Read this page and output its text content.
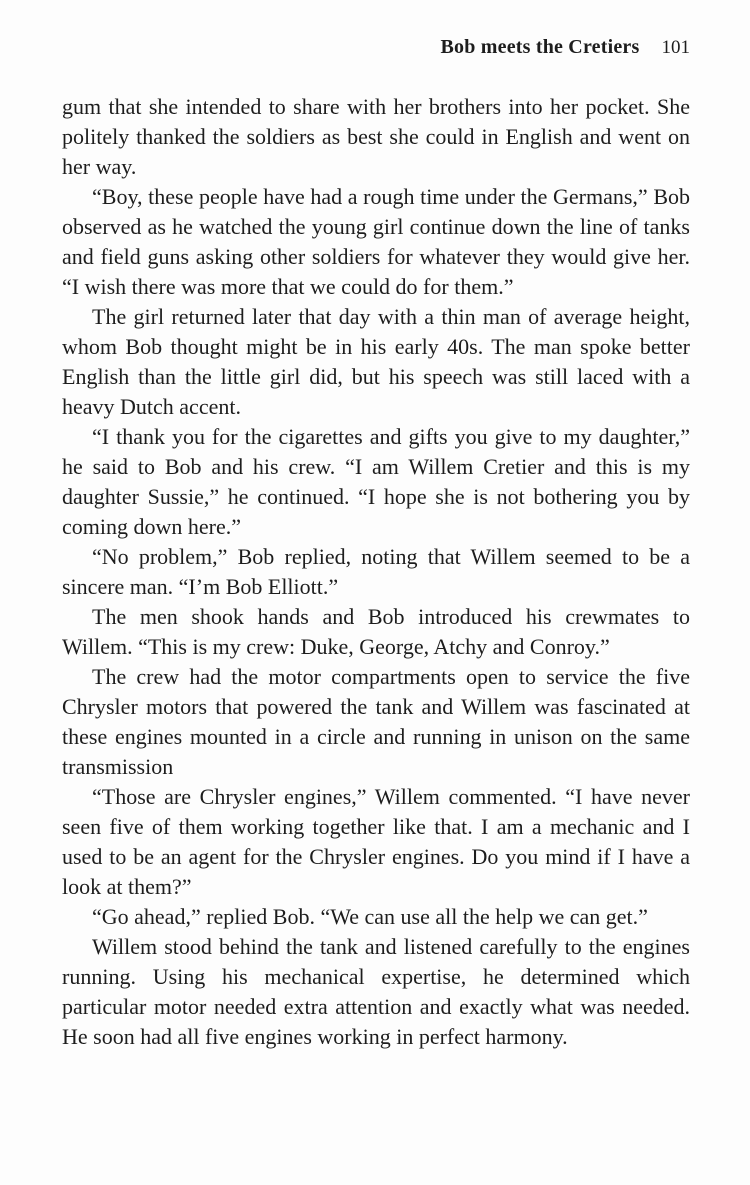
Bob meets the Cretiers 101

gum that she intended to share with her brothers into her pocket. She politely thanked the soldiers as best she could in English and went on her way.

“Boy, these people have had a rough time under the Germans,” Bob observed as he watched the young girl continue down the line of tanks and field guns asking other soldiers for whatever they would give her. “I wish there was more that we could do for them.”

The girl returned later that day with a thin man of average height, whom Bob thought might be in his early 40s. The man spoke better English than the little girl did, but his speech was still laced with a heavy Dutch accent.

“I thank you for the cigarettes and gifts you give to my daughter,” he said to Bob and his crew. “I am Willem Cretier and this is my daughter Sussie,” he continued. “I hope she is not bothering you by coming down here.”

“No problem,” Bob replied, noting that Willem seemed to be a sincere man. “I’m Bob Elliott.”

The men shook hands and Bob introduced his crewmates to Willem. “This is my crew: Duke, George, Atchy and Conroy.”

The crew had the motor compartments open to service the five Chrysler motors that powered the tank and Willem was fascinated at these engines mounted in a circle and running in unison on the same transmission

“Those are Chrysler engines,” Willem commented. “I have never seen five of them working together like that. I am a mechanic and I used to be an agent for the Chrysler engines. Do you mind if I have a look at them?”

“Go ahead,” replied Bob. “We can use all the help we can get.”

Willem stood behind the tank and listened carefully to the engines running. Using his mechanical expertise, he determined which particular motor needed extra attention and exactly what was needed. He soon had all five engines working in perfect harmony.
